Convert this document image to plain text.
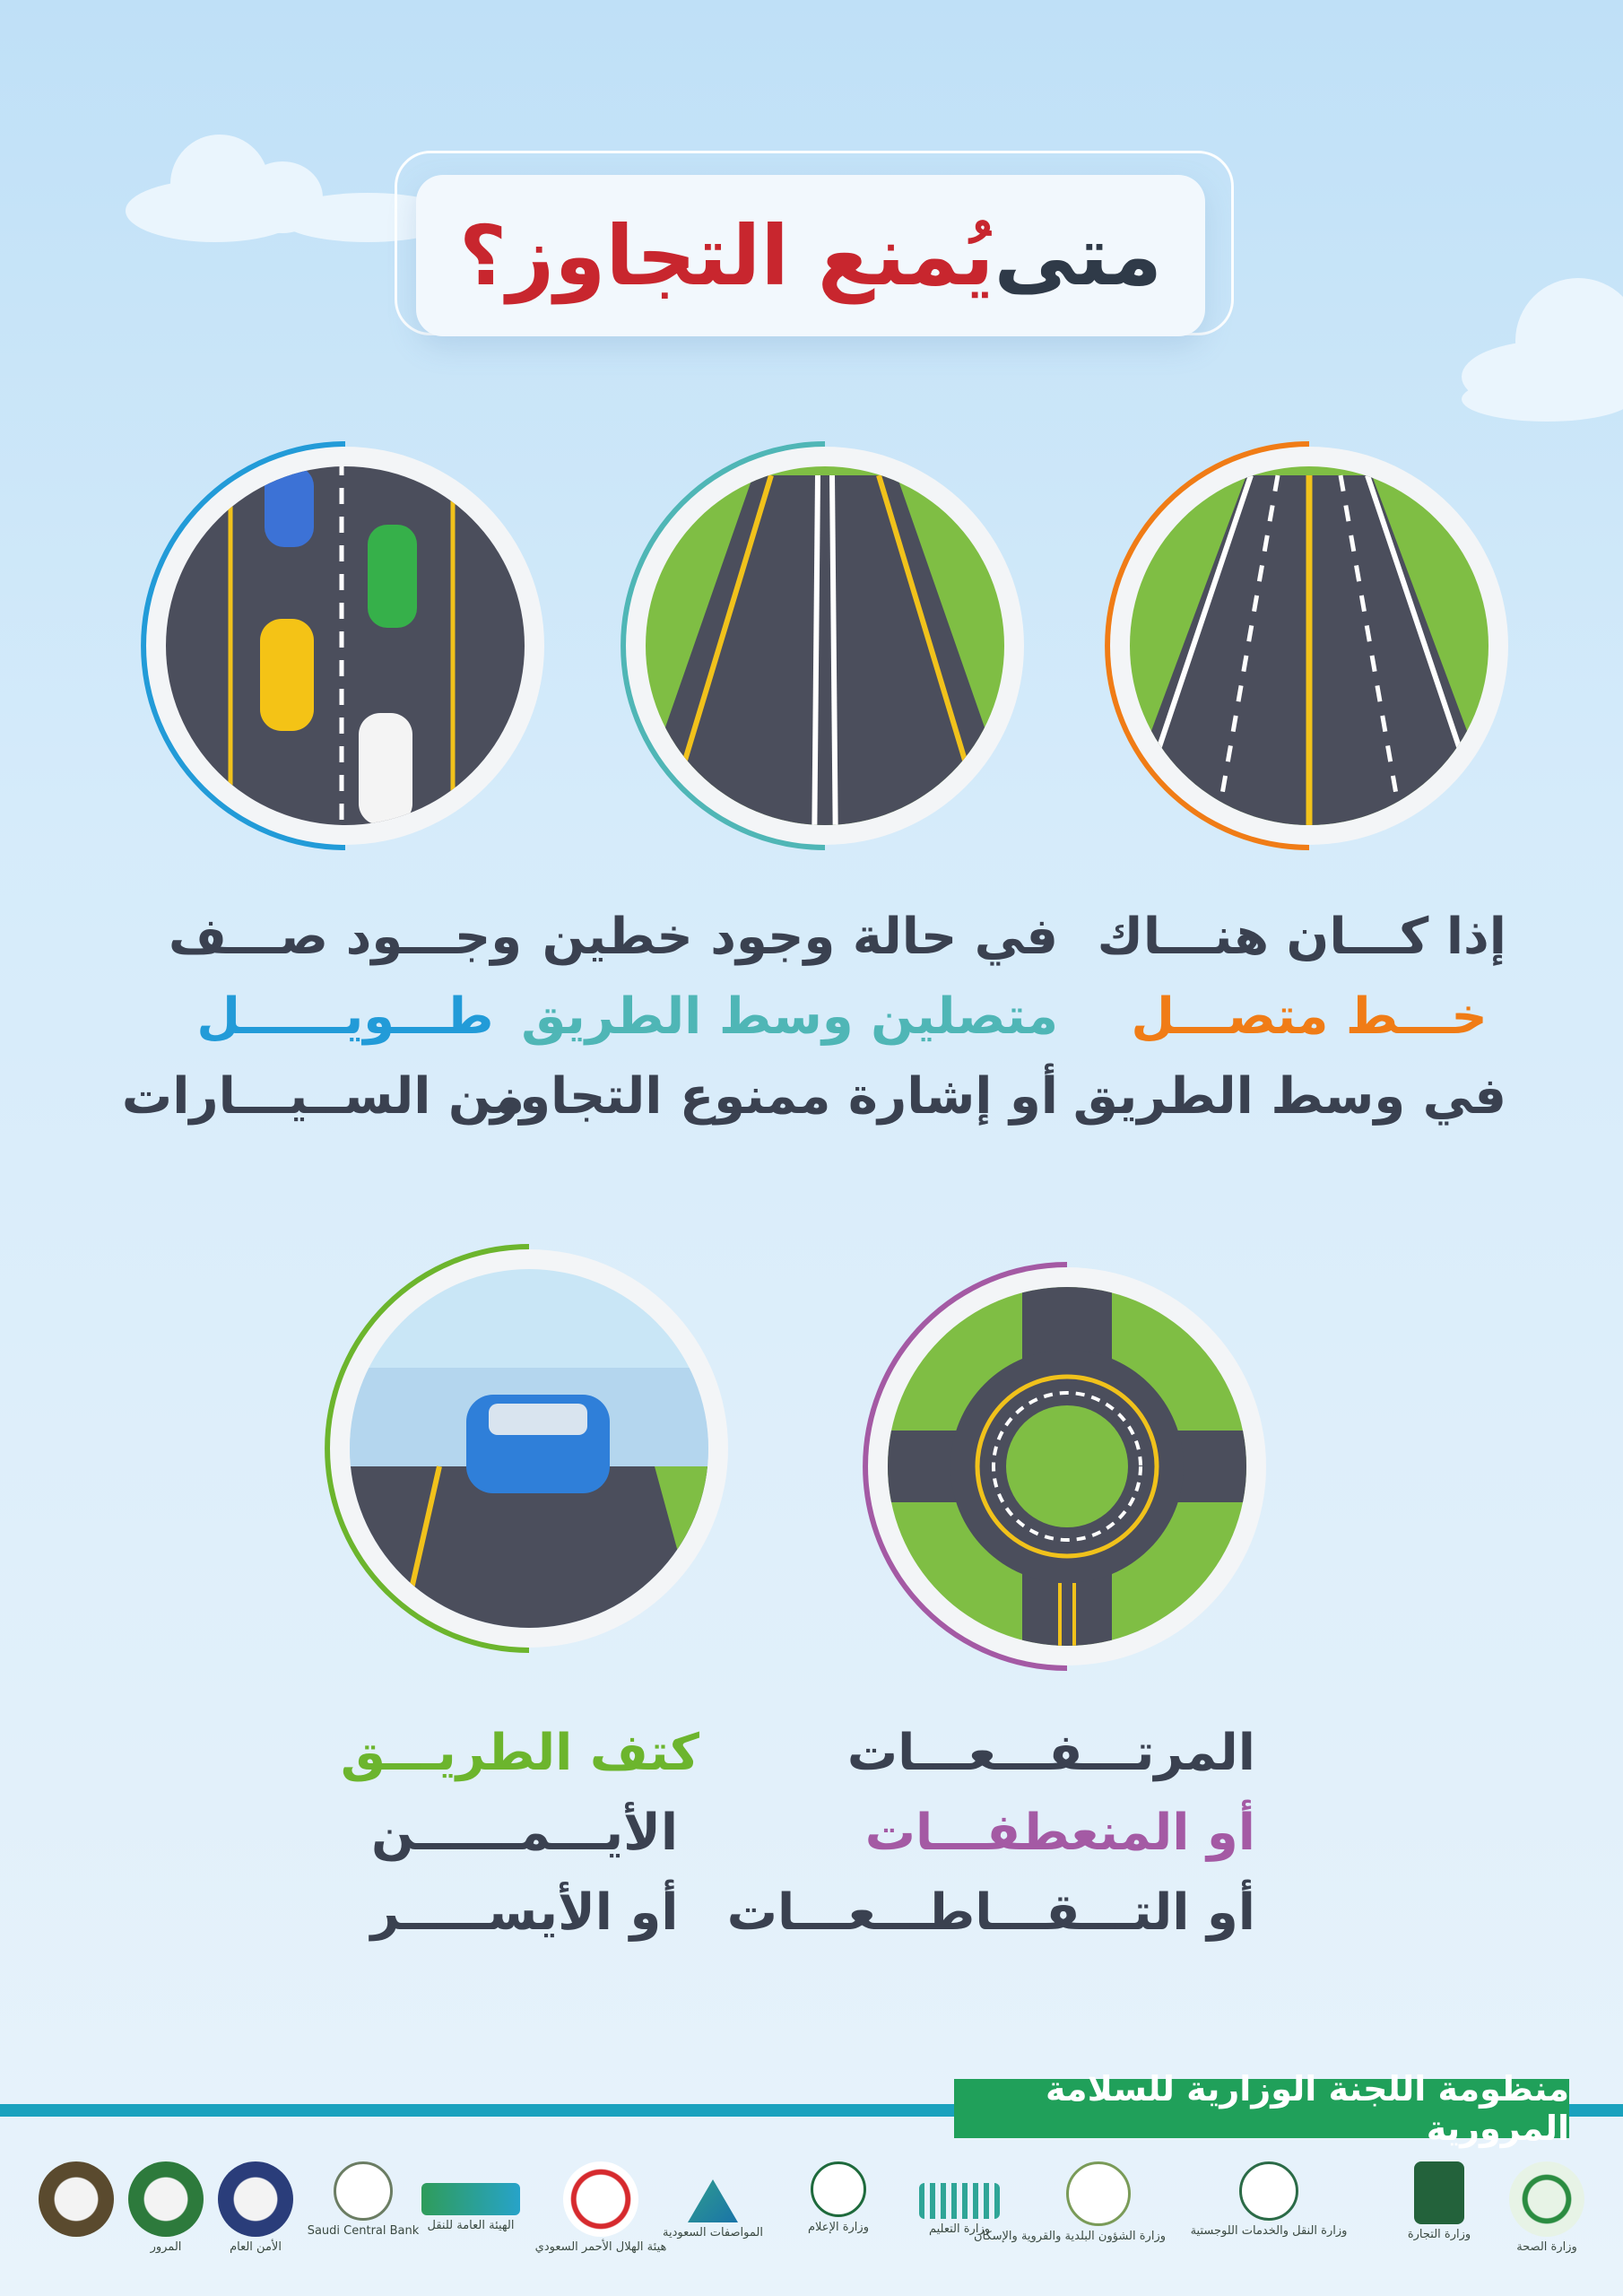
متى
يُمنع التجاوز؟
إذا كـــان هنـــاك
خـــط متصـــل
في وسط الطريق
في حالة وجود خطين
متصلين وسط الطريق
أو إشارة ممنوع التجاوز
وجـــود صـــف
طـــويــــــل
من الســيـــارات
المرتـــفـــعـــات
أو المنعطفـــات
أو التـــقـــاطـــعـــات
كتف الطريـــق
الأيـــمــــــن
أو الأيســـــر
منظومة اللجنة الوزارية للسلامة المرورية
وزارة الصحة
وزارة التجارة
وزارة النقل والخدمات اللوجستية
وزارة الشؤون البلدية والقروية والإسكان
وزارة التعليم
وزارة الإعلام
المواصفات السعودية
هيئة الهلال الأحمر السعودي
الهيئة العامة للنقل
Saudi Central Bank
الأمن العام
المرور
